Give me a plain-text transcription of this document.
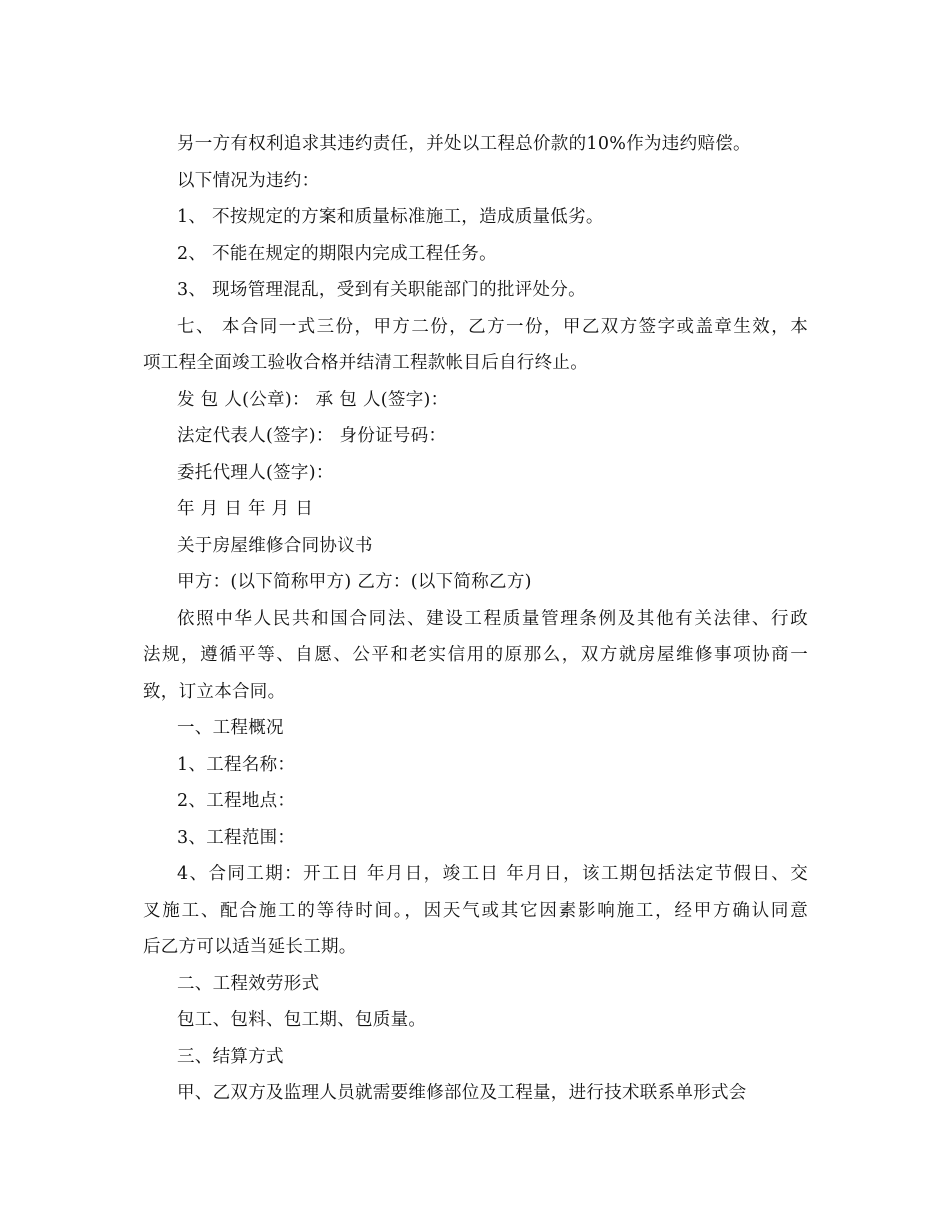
另一方有权利追求其违约责任，并处以工程总价款的10%作为违约赔偿。
以下情况为违约：
1、 不按规定的方案和质量标准施工，造成质量低劣。
2、 不能在规定的期限内完成工程任务。
3、 现场管理混乱，受到有关职能部门的批评处分。
七、 本合同一式三份，甲方二份，乙方一份，甲乙双方签字或盖章生效，本
项工程全面竣工验收合格并结清工程款帐目后自行终止。
发 包 人(公章)： 承 包 人(签字)：
法定代表人(签字)： 身份证号码：
委托代理人(签字)：
年 月 日 年 月 日
关于房屋维修合同协议书
甲方：(以下简称甲方) 乙方：(以下简称乙方)
依照中华人民共和国合同法、建设工程质量管理条例及其他有关法律、行政
法规，遵循平等、自愿、公平和老实信用的原那么，双方就房屋维修事项协商一
致，订立本合同。
一、工程概况
1、工程名称：
2、工程地点：
3、工程范围：
4、合同工期：开工日 年月日，竣工日 年月日，该工期包括法定节假日、交
叉施工、配合施工的等待时间。，因天气或其它因素影响施工，经甲方确认同意
后乙方可以适当延长工期。
二、工程效劳形式
包工、包料、包工期、包质量。
三、结算方式
甲、乙双方及监理人员就需要维修部位及工程量，进行技术联系单形式会
